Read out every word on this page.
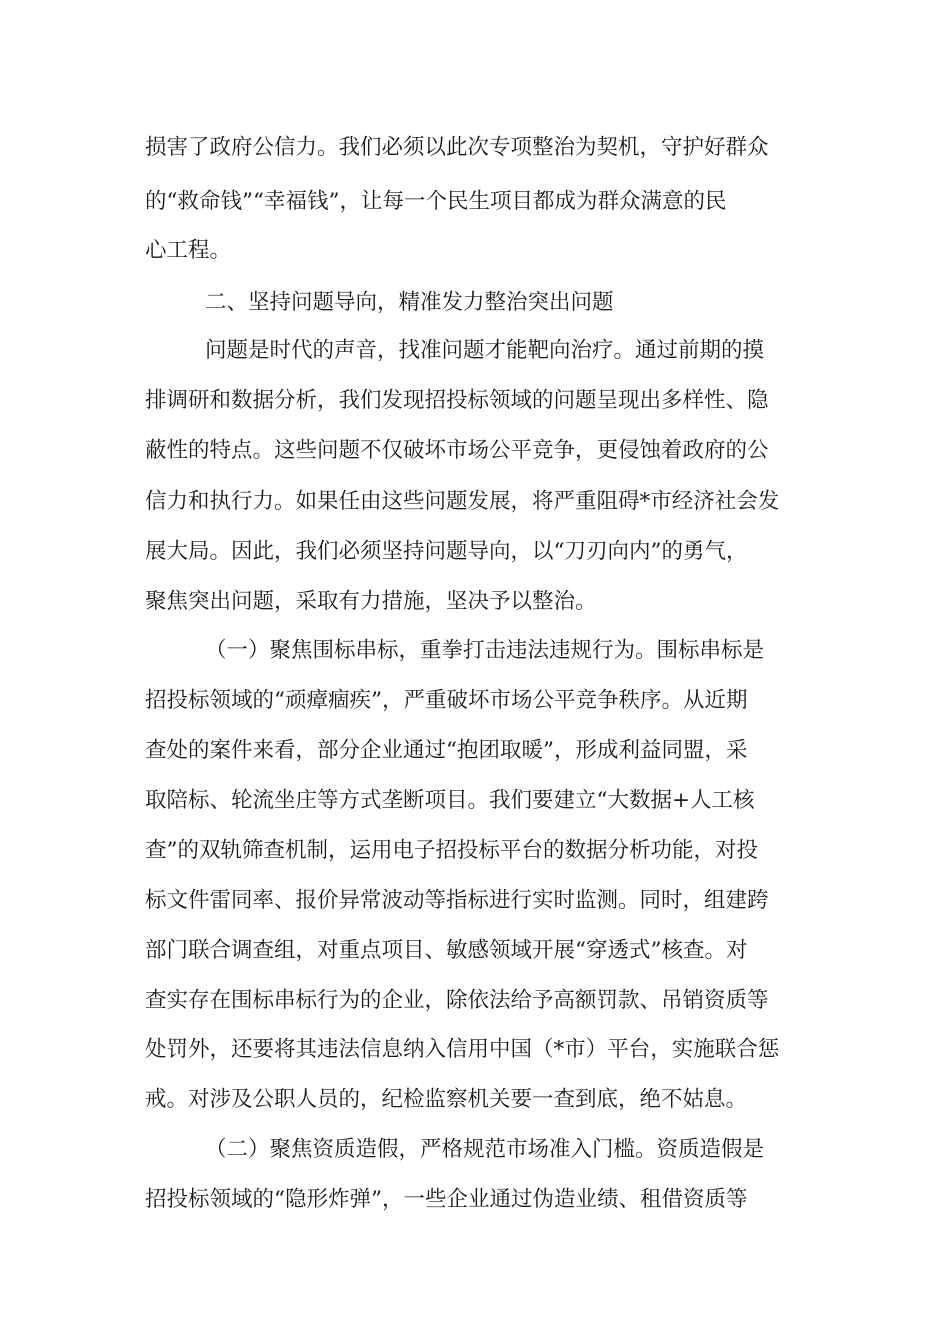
损害了政府公信力。我们必须以此次专项整治为契机，守护好群众
的“救命钱”“幸福钱”，让每一个民生项目都成为群众满意的民
心工程。
二、坚持问题导向，精准发力整治突出问题
问题是时代的声音，找准问题才能靶向治疗。通过前期的摸
排调研和数据分析，我们发现招投标领域的问题呈现出多样性、隐
蔽性的特点。这些问题不仅破坏市场公平竞争，更侵蚀着政府的公
信力和执行力。如果任由这些问题发展，将严重阻碍*市经济社会发
展大局。因此，我们必须坚持问题导向，以“刀刃向内”的勇气，
聚焦突出问题，采取有力措施，坚决予以整治。
（一）聚焦围标串标，重拳打击违法违规行为。围标串标是
招投标领域的“顽瘴痼疾”，严重破坏市场公平竞争秩序。从近期
查处的案件来看，部分企业通过“抱团取暖”，形成利益同盟，采
取陪标、轮流坐庄等方式垄断项目。我们要建立“大数据+人工核
查”的双轨筛查机制，运用电子招投标平台的数据分析功能，对投
标文件雷同率、报价异常波动等指标进行实时监测。同时，组建跨
部门联合调查组，对重点项目、敏感领域开展“穿透式”核查。对
查实存在围标串标行为的企业，除依法给予高额罚款、吊销资质等
处罚外，还要将其违法信息纳入信用中国（*市）平台，实施联合惩
戒。对涉及公职人员的，纪检监察机关要一查到底，绝不姑息。
（二）聚焦资质造假，严格规范市场准入门槛。资质造假是
招投标领域的“隐形炸弹”，一些企业通过伪造业绩、租借资质等
